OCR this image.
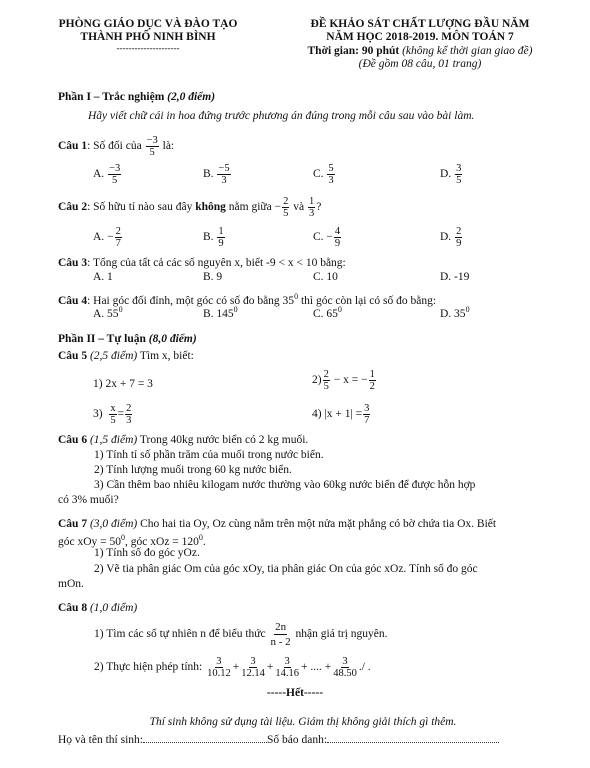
PHÒNG GIÁO DỤC VÀ ĐÀO TẠO
THÀNH PHỐ NINH BÌNH
---------------------
ĐỀ KHẢO SÁT CHẤT LƯỢNG ĐẦU NĂM
NĂM HỌC 2018-2019. MÔN TOÁN 7
Thời gian: 90 phút (không kể thời gian giao đề)
(Đề gồm 08 câu, 01 trang)
Phần I – Trắc nghiệm (2,0 điểm)
Hãy viết chữ cái in hoa đứng trước phương án đúng trong mỗi câu sau vào bài làm.
Câu 1: Số đối của $\frac{-3}{5}$ là:
A. $\frac{-3}{5}$	B. $\frac{-5}{3}$	C. $\frac{5}{3}$	D. $\frac{3}{5}$
Câu 2: Số hữu tỉ nào sau đây không nằm giữa − $\frac{2}{5}$ và $\frac{1}{3}$ ?
A. − $\frac{2}{7}$	B. $\frac{1}{9}$	C. − $\frac{4}{9}$	D. $\frac{2}{9}$
Câu 3: Tổng của tất cả các số nguyên x, biết -9 < x < 10 bằng:
A. 1	B. 9	C. 10	D. -19
Câu 4: Hai góc đối đỉnh, một góc có số đo bằng $35^0$ thì góc còn lại có số đo bằng:
A. $55^0$	B. $145^0$	C. $65^0$	D. $35^0$
Phần II – Tự luận (8,0 điểm)
Câu 5 (2,5 điểm) Tìm x, biết:
1) 2x + 7 = 3	$2) \frac{2}{5} - x$ = − $\frac{1}{2}$
$3) \frac{x}{5} = \frac{2}{3}$	4) $|x + 1| = \frac{3}{7}$
Câu 6 (1,5 điểm) Trong 40kg nước biển có 2 kg muối.
1) Tính tỉ số phần trăm của muối trong nước biển.
2) Tính lượng muối trong 60 kg nước biển.
3) Cần thêm bao nhiêu kilogam nước thường vào 60kg nước biển để được hỗn hợp
có 3% muối?
Câu 7 (3,0 điểm) Cho hai tia Oy, Oz cùng nằm trên một nửa mặt phẳng có bờ chứa tia Ox. Biết
góc xOy = $50^0$, góc xOz = $120^0$.
1) Tính số đo góc yOz.
2) Vẽ tia phân giác Om của góc xOy, tia phân giác On của góc xOz. Tính số đo góc
mOn.
Câu 8 (1,0 điểm)
1) Tìm các số tự nhiên n để biểu thức $\frac{2n}{n - 2}$ nhận giá trị nguyên.
2) Thực hiện phép tính: $\frac{3}{10.12} + \frac{3}{12.14} + \frac{3}{14.16}$ + .... + $\frac{3}{48.50}$ ./ .
-----Hết-----
Thí sinh không sử dụng tài liệu. Giám thị không giải thích gì thêm.
Họ và tên thí sinh:	Số báo danh:
